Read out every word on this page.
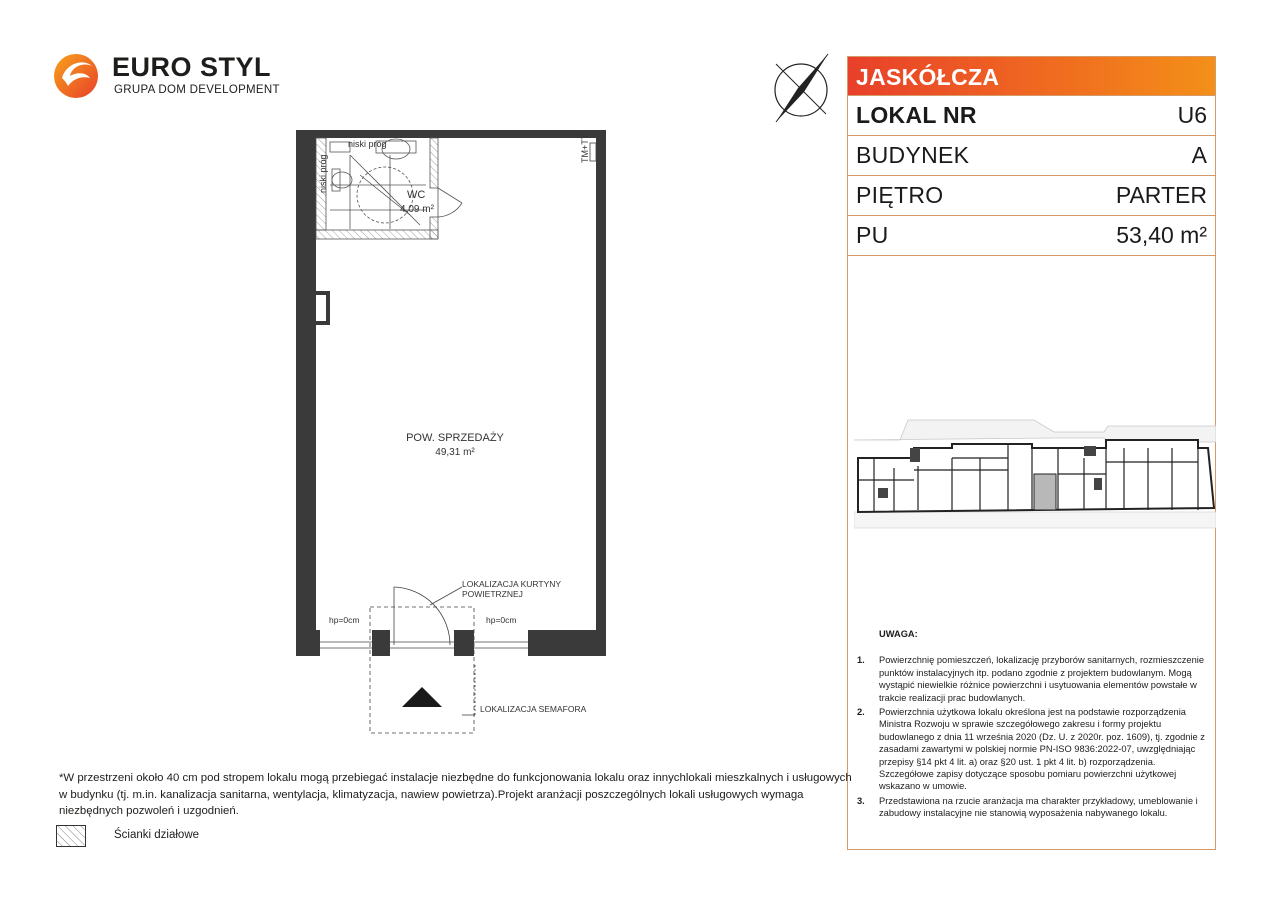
EURO STYL
GRUPA DOM DEVELOPMENT	JASKÓŁCZA
LOKAL NR	U6
BUDYNEK	A
PIĘTRO	PARTER
PU	53,40 m²
UWAGA:
1.	Powierzchnię pomieszczeń, lokalizację przyborów sanitarnych, rozmieszczenie punktów instalacyjnych itp. podano zgodnie z projektem budowlanym. Mogą wystąpić niewielkie różnice powierzchni i usytuowania elementów powstałe w trakcie realizacji prac budowlanych.
2.	Powierzchnia użytkowa lokalu określona jest na podstawie rozporządzenia Ministra Rozwoju w sprawie szczegółowego zakresu i formy projektu budowlanego z dnia 11 września 2020 (Dz. U. z 2020r. poz. 1609), tj. zgodnie z zasadami zawartymi w polskiej normie PN-ISO 9836:2022-07, uwzględniając przepisy §14 pkt 4 lit. a) oraz §20 ust. 1 pkt 4 lit. b) rozporządzenia. Szczegółowe zapisy dotyczące sposobu pomiaru powierzchni użytkowej wskazano w umowie.
3.	Przedstawiona na rzucie aranżacja ma charakter przykładowy, umeblowanie i zabudowy instalacyjne nie stanowią wyposażenia nabywanego lokalu.
*W przestrzeni około 40 cm pod stropem lokalu mogą przebiegać instalacje niezbędne do funkcjonowania lokalu oraz innychlokali mieszkalnych i usługowych w budynku (tj. m.in. kanalizacja sanitarna, wentylacja, klimatyzacja, nawiew powietrza).Projekt aranżacji poszczególnych lokali usługowych wymaga niezbędnych pozwoleń i uzgodnień.
Ścianki działowe
niski próg
niski próg
WC
4,09 m²
TM+TT
POW. SPRZEDAŻY
49,31 m²
hp=0cm	hp=0cm
LOKALIZACJA KURTYNY
POWIETRZNEJ
LOKALIZACJA SEMAFORA
